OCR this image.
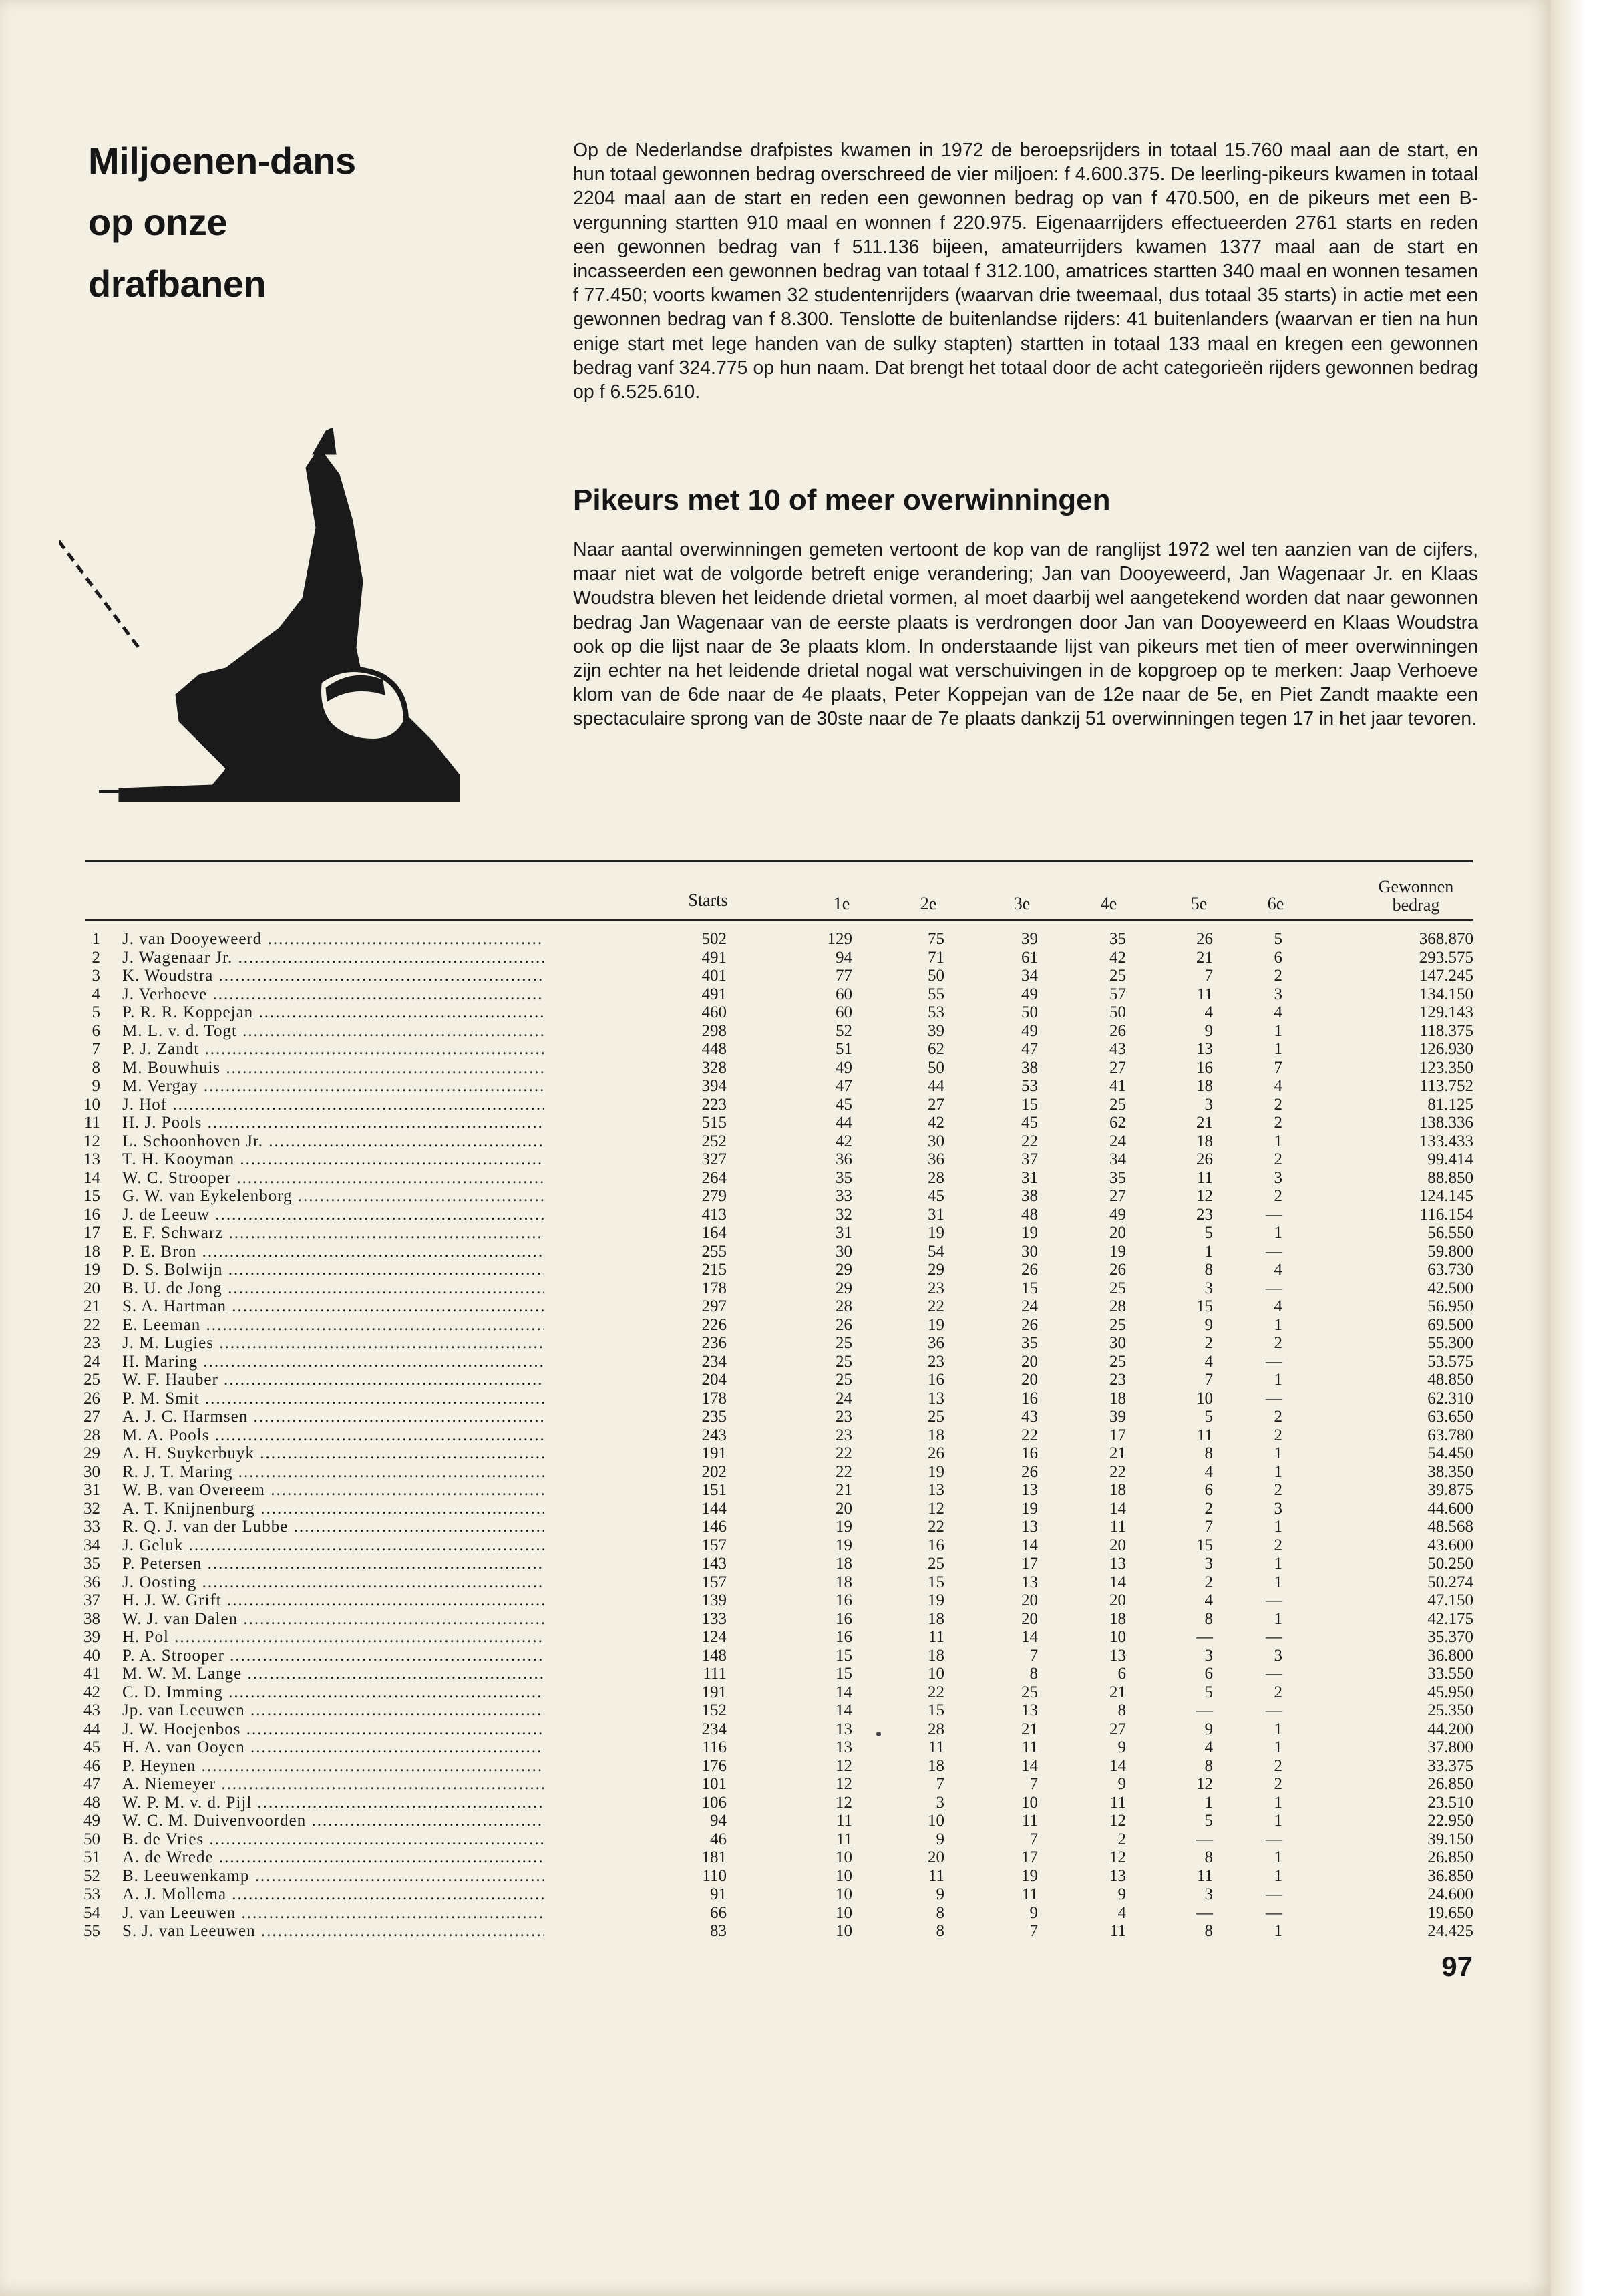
Miljoenen-dans
op onze
drafbanen

Op de Nederlandse drafpistes kwamen in 1972 de beroepsrijders in totaal 15.760 maal aan de start, en hun totaal gewonnen bedrag overschreed de vier miljoen: f 4.600.375. De leerling-pikeurs kwamen in totaal 2204 maal aan de start en reden een gewonnen bedrag op van f 470.500, en de pikeurs met een B-vergunning startten 910 maal en wonnen f 220.975. Eigenaarrijders effectueerden 2761 starts en reden een gewonnen bedrag van f 511.136 bijeen, amateurrijders kwamen 1377 maal aan de start en incasseerden een gewonnen bedrag van totaal f 312.100, amatrices startten 340 maal en wonnen tesamen f 77.450; voorts kwamen 32 studentenrijders (waarvan drie tweemaal, dus totaal 35 starts) in actie met een gewonnen bedrag van f 8.300. Tenslotte de buitenlandse rijders: 41 buitenlanders (waarvan er tien na hun enige start met lege handen van de sulky stapten) startten in totaal 133 maal en kregen een gewonnen bedrag vanf 324.775 op hun naam. Dat brengt het totaal door de acht categorieën rijders gewonnen bedrag op f 6.525.610.

Pikeurs met 10 of meer overwinningen

Naar aantal overwinningen gemeten vertoont de kop van de ranglijst 1972 wel ten aanzien van de cijfers, maar niet wat de volgorde betreft enige verandering; Jan van Dooyeweerd, Jan Wagenaar Jr. en Klaas Woudstra bleven het leidende drietal vormen, al moet daarbij wel aangetekend worden dat naar gewonnen bedrag Jan Wagenaar van de eerste plaats is verdrongen door Jan van Dooyeweerd en Klaas Woudstra ook op die lijst naar de 3e plaats klom. In onderstaande lijst van pikeurs met tien of meer overwinningen zijn echter na het leidende drietal nogal wat verschuivingen in de kopgroep op te merken: Jaap Verhoeve klom van de 6de naar de 4e plaats, Peter Koppejan van de 12e naar de 5e, en Piet Zandt maakte een spectaculaire sprong van de 30ste naar de 7e plaats dankzij 51 overwinningen tegen 17 in het jaar tevoren.

Starts	1e	2e	3e	4e	5e	6e
Gewonnen
bedrag
1 J. van Dooyeweerd .....	502	129	75	39	35	26	5	368.870
2 J. Wagenaar Jr. .....	491	94	71	61	42	21	6	293.575
3 K. Woudstra .....	401	77	50	34	25	7	2	147.245
4 J. Verhoeve .....	491	60	55	49	57	11	3	134.150
5 P. R. R. Koppejan .....	460	60	53	50	50	4	4	129.143
6 M. L. v. d. Togt .....	298	52	39	49	26	9	1	118.375
7 P. J. Zandt .....	448	51	62	47	43	13	1	126.930
8 M. Bouwhuis .....	328	49	50	38	27	16	7	123.350
9 M. Vergay .....	394	47	44	53	41	18	4	113.752
10 J. Hof .....	223	45	27	15	25	3	2	81.125
11 H. J. Pools .....	515	44	42	45	62	21	2	138.336
12 L. Schoonhoven Jr. .....	252	42	30	22	24	18	1	133.433
13 T. H. Kooyman .....	327	36	36	37	34	26	2	99.414
14 W. C. Strooper .....	264	35	28	31	35	11	3	88.850
15 G. W. van Eykelenborg .....	279	33	45	38	27	12	2	124.145
16 J. de Leeuw .....	413	32	31	48	49	23	—	116.154
17 E. F. Schwarz .....	164	31	19	19	20	5	1	56.550
18 P. E. Bron .....	255	30	54	30	19	1	—	59.800
19 D. S. Bolwijn .....	215	29	29	26	26	8	4	63.730
20 B. U. de Jong .....	178	29	23	15	25	3	—	42.500
21 S. A. Hartman .....	297	28	22	24	28	15	4	56.950
22 E. Leeman .....	226	26	19	26	25	9	1	69.500
23 J. M. Lugies .....	236	25	36	35	30	2	2	55.300
24 H. Maring .....	234	25	23	20	25	4	—	53.575
25 W. F. Hauber .....	204	25	16	20	23	7	1	48.850
26 P. M. Smit .....	178	24	13	16	18	10	—	62.310
27 A. J. C. Harmsen .....	235	23	25	43	39	5	2	63.650
28 M. A. Pools .....	243	23	18	22	17	11	2	63.780
29 A. H. Suykerbuyk .....	191	22	26	16	21	8	1	54.450
30 R. J. T. Maring .....	202	22	19	26	22	4	1	38.350
31 W. B. van Overeem .....	151	21	13	13	18	6	2	39.875
32 A. T. Knijnenburg .....	144	20	12	19	14	2	3	44.600
33 R. Q. J. van der Lubbe .....	146	19	22	13	11	7	1	48.568
34 J. Geluk .....	157	19	16	14	20	15	2	43.600
35 P. Petersen .....	143	18	25	17	13	3	1	50.250
36 J. Oosting .....	157	18	15	13	14	2	1	50.274
37 H. J. W. Grift .....	139	16	19	20	20	4	—	47.150
38 W. J. van Dalen .....	133	16	18	20	18	8	1	42.175
39 H. Pol .....	124	16	11	14	10	—	—	35.370
40 P. A. Strooper .....	148	15	18	7	13	3	3	36.800
41 M. W. M. Lange .....	111	15	10	8	6	6	—	33.550
42 C. D. Imming .....	191	14	22	25	21	5	2	45.950
43 Jp. van Leeuwen .....	152	14	15	13	8	—	—	25.350
44 J. W. Hoejenbos .....	234	13	28	21	27	9	1	44.200
45 H. A. van Ooyen .....	116	13	11	11	9	4	1	37.800
46 P. Heynen .....	176	12	18	14	14	8	2	33.375
47 A. Niemeyer .....	101	12	7	7	9	12	2	26.850
48 W. P. M. v. d. Pijl .....	106	12	3	10	11	1	1	23.510
49 W. C. M. Duivenvoorden .....	94	11	10	11	12	5	1	22.950
50 B. de Vries .....	46	11	9	7	2	—	—	39.150
51 A. de Wrede .....	181	10	20	17	12	8	1	26.850
52 B. Leeuwenkamp .....	110	10	11	19	13	11	1	36.850
53 A. J. Mollema .....	91	10	9	11	9	3	—	24.600
54 J. van Leeuwen .....	66	10	8	9	4	—	—	19.650
55 S. J. van Leeuwen .....	83	10	8	7	11	8	1	24.425
97
